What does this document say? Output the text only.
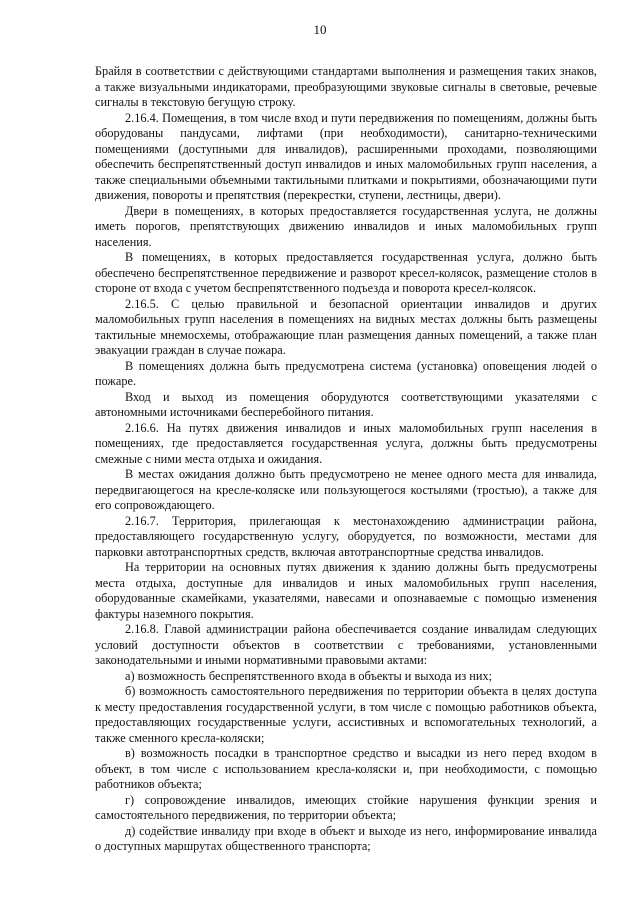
10

Брайля в соответствии с действующими стандартами выполнения и размещения таких знаков, а также визуальными индикаторами, преобразующими звуковые сигналы в световые, речевые сигналы в текстовую бегущую строку.

2.16.4. Помещения, в том числе вход и пути передвижения по помещениям, должны быть оборудованы пандусами, лифтами (при необходимости), санитарно-техническими помещениями (доступными для инвалидов), расширенными проходами, позволяющими обеспечить беспрепятственный доступ инвалидов и иных маломобильных групп населения, а также специальными объемными тактильными плитками и покрытиями, обозначающими пути движения, повороты и препятствия (перекрестки, ступени, лестницы, двери).

Двери в помещениях, в которых предоставляется государственная услуга, не должны иметь порогов, препятствующих движению инвалидов и иных маломобильных групп населения.

В помещениях, в которых предоставляется государственная услуга, должно быть обеспечено беспрепятственное передвижение и разворот кресел-колясок, размещение столов в стороне от входа с учетом беспрепятственного подъезда и поворота кресел-колясок.

2.16.5. С целью правильной и безопасной ориентации инвалидов и других маломобильных групп населения в помещениях на видных местах должны быть размещены тактильные мнемосхемы, отображающие план размещения данных помещений, а также план эвакуации граждан в случае пожара.

В помещениях должна быть предусмотрена система (установка) оповещения людей о пожаре.

Вход и выход из помещения оборудуются соответствующими указателями с автономными источниками бесперебойного питания.

2.16.6. На путях движения инвалидов и иных маломобильных групп населения в помещениях, где предоставляется государственная услуга, должны быть предусмотрены смежные с ними места отдыха и ожидания.

В местах ожидания должно быть предусмотрено не менее одного места для инвалида, передвигающегося на кресле-коляске или пользующегося костылями (тростью), а также для его сопровождающего.

2.16.7. Территория, прилегающая к местонахождению администрации района, предоставляющего государственную услугу, оборудуется, по возможности, местами для парковки автотранспортных средств, включая автотранспортные средства инвалидов.

На территории на основных путях движения к зданию должны быть предусмотрены места отдыха, доступные для инвалидов и иных маломобильных групп населения, оборудованные скамейками, указателями, навесами и опознаваемые с помощью изменения фактуры наземного покрытия.

2.16.8. Главой администрации района обеспечивается создание инвалидам следующих условий доступности объектов в соответствии с требованиями, установленными законодательными и иными нормативными правовыми актами:

а) возможность беспрепятственного входа в объекты и выхода из них;

б) возможность самостоятельного передвижения по территории объекта в целях доступа к месту предоставления государственной услуги, в том числе с помощью работников объекта, предоставляющих государственные услуги, ассистивных и вспомогательных технологий, а также сменного кресла-коляски;

в) возможность посадки в транспортное средство и высадки из него перед входом в объект, в том числе с использованием кресла-коляски и, при необходимости, с помощью работников объекта;

г) сопровождение инвалидов, имеющих стойкие нарушения функции зрения и самостоятельного передвижения, по территории объекта;

д) содействие инвалиду при входе в объект и выходе из него, информирование инвалида о доступных маршрутах общественного транспорта;
